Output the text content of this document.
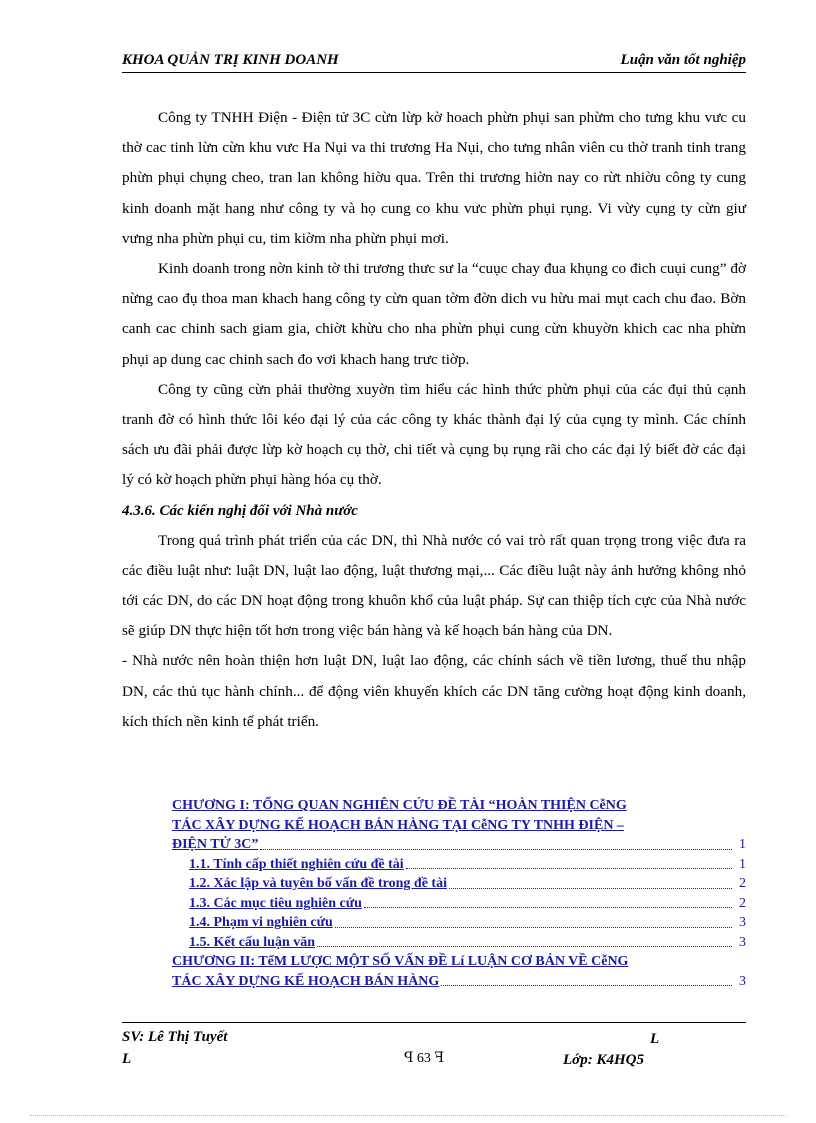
KHOA QUẢN TRỊ KINH DOANH	Luận văn tốt nghiệp

Công ty TNHH Điện - Điện tử 3C cừn lừp kờ hoach phừn phụi san phừm cho tưng khu vưc cu thờ cac tinh lừn cừn khu vưc Ha Nụi va thi trương Ha Nụi, cho tưng nhân viên cu thờ tranh tinh trang phừn phụi chụng cheo, tran lan không hiờu qua. Trên thi trương hiờn nay co rừt nhiờu công ty cung kinh doanh mặt hang như công ty và họ cung co khu vưc phừn phụi rụng. Vi vừy cụng ty cừn giư vưng nha phừn phụi cu, tim kiờm nha phừn phụi mơi.

Kinh doanh trong nờn kinh tờ thi trương thưc sư la “cuục chay đua khụng co đich cuụi cung” đờ nừng cao đụ thoa man khach hang công ty cừn quan tờm đờn dich vu hừu mai mụt cach chu đao. Bờn canh cac chinh sach giam gia, chiờt khừu cho nha phừn phụi cung cừn khuyờn khich cac nha phừn phụi ap dung cac chinh sach đo vơi khach hang trưc tiờp.

Công ty cũng cừn phải thường xuyờn tìm hiểu các hình thức phừn phụi của các đụi thủ cạnh tranh đờ có hình thức lôi kéo đại lý của các công ty khác thành đại lý của cụng ty mình. Các chính sách ưu đãi phải được lừp kờ hoạch cụ thờ, chi tiết và cụng bụ rụng rãi cho các đại lý biết đờ các đại lý có kờ hoạch phừn phụi hàng hóa cụ thờ.

4.3.6. Các kiến nghị đối với Nhà nước

Trong quá trình phát triển của các DN, thì Nhà nước có vai trò rất quan trọng trong việc đưa ra các điều luật như: luật DN, luật lao động, luật thương mại,... Các điều luật này ảnh hưởng không nhỏ tới các DN, do các DN hoạt động trong khuôn khổ của luật pháp. Sự can thiệp tích cực của Nhà nước sẽ giúp DN thực hiện tốt hơn trong việc bán hàng và kế hoạch bán hàng của DN.

- Nhà nước nên hoàn thiện hơn luật DN, luật lao động, các chính sách về tiền lương, thuế thu nhập DN, các thủ tục hành chính... để động viên khuyến khích các DN tăng cường hoạt động kinh doanh, kích thích nền kinh tế phát triển.

CHƯƠNG I: TỔNG QUAN NGHIÊN CỨU ĐỀ TÀI “HOÀN THIỆN CễNG
TÁC XÂY DỰNG KẾ HOẠCH BÁN HÀNG TẠI CễNG TY TNHH ĐIỆN –
ĐIỆN TỬ 3C”	1
1.1. Tính cấp thiết nghiên cứu đề tài	1
1.2. Xác lập và tuyên bố vấn đề trong đề tài	2
1.3. Các mục tiêu nghiên cứu	2
1.4. Phạm vi nghiên cứu	3
1.5. Kết cấu luận văn	3
CHƯƠNG II: TểM LƯỢC MỘT SỐ VẤN ĐỀ Lí LUẬN CƠ BẢN VỀ CễNG
TÁC XÂY DỰNG KẾ HOẠCH BÁN HÀNG	3
SV: Lê Thị Tuyết
L	ꟼ 63 ꟻ
L
Lớp: K4HQ5
